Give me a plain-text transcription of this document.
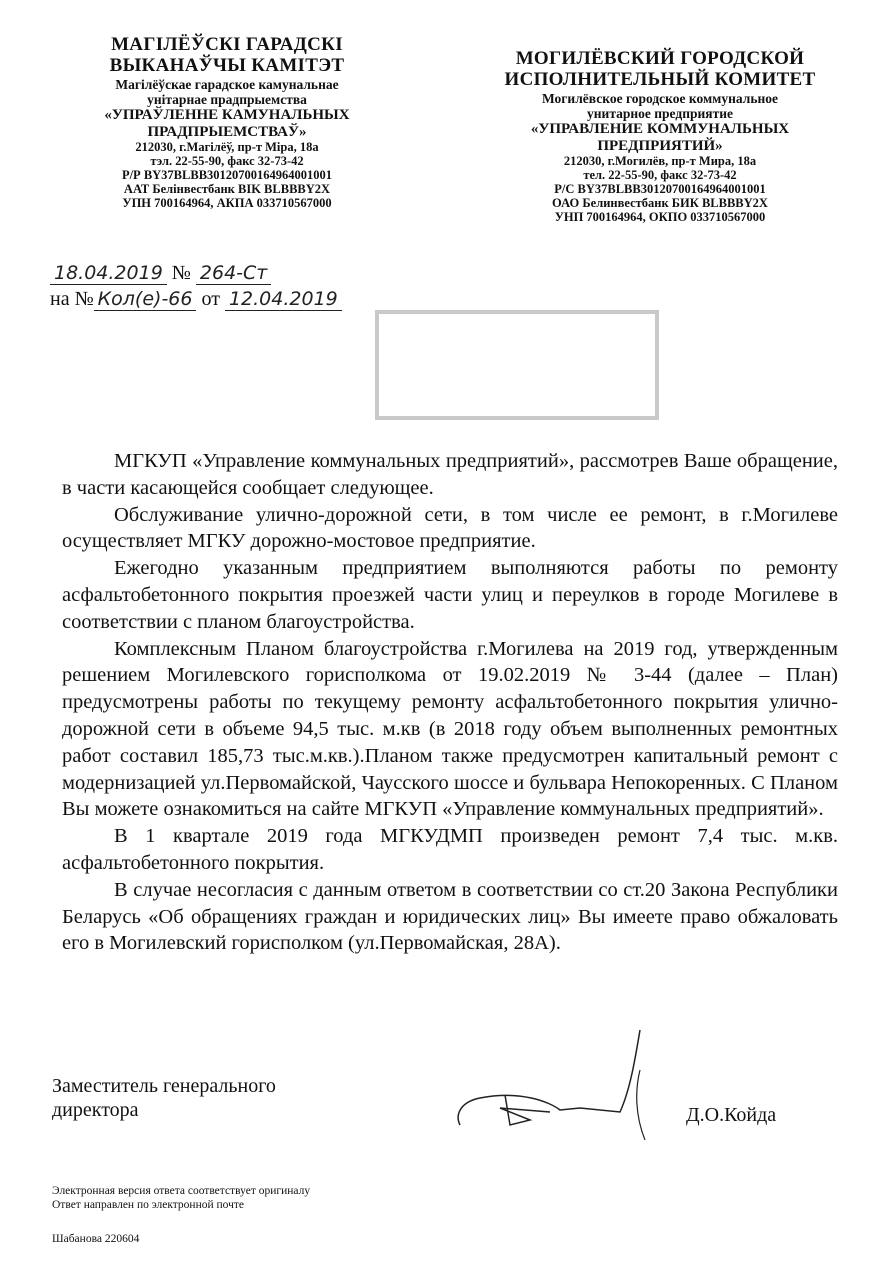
МАГІЛЁЎСКІ ГАРАДСКІ
ВЫКАНАЎЧЫ КАМІТЭТ
Магілёўскае гарадское камунальнае
унітарнае прадпрыемства
«УПРАЎЛЕННЕ КАМУНАЛЬНЫХ
ПРАДПРЫЕМСТВАЎ»
212030, г.Магілёў, пр-т Міра, 18а
тэл. 22-55-90, факс 32-73-42
Р/Р BY37BLBB30120700164964001001
ААТ Белінвестбанк BIK BLBBBY2X
УПН 700164964, АКПА 033710567000
МОГИЛЁВСКИЙ ГОРОДСКОЙ
ИСПОЛНИТЕЛЬНЫЙ КОМИТЕТ
Могилёвское городское коммунальное
унитарное предприятие
«УПРАВЛЕНИЕ КОММУНАЛЬНЫХ
ПРЕДПРИЯТИЙ»
212030, г.Могилёв, пр-т Мира, 18а
тел. 22-55-90, факс 32-73-42
Р/С BY37BLBB30120700164964001001
ОАО Белинвестбанк БИК BLBBBY2X
УНП 700164964, ОКПО 033710567000
18.04.2019 № 264-Ст
на № Кол(е)-66 от 12.04.2019

МГКУП «Управление коммунальных предприятий», рассмотрев Ваше обращение, в части касающейся сообщает следующее.

Обслуживание улично-дорожной сети, в том числе ее ремонт, в г.Могилеве осуществляет МГКУ дорожно-мостовое предприятие.

Ежегодно указанным предприятием выполняются работы по ремонту асфальтобетонного покрытия проезжей части улиц и переулков в городе Могилеве в соответствии с планом благоустройства.

Комплексным Планом благоустройства г.Могилева на 2019 год, утвержденным решением Могилевского горисполкома от 19.02.2019 № 3-44 (далее – План) предусмотрены работы по текущему ремонту асфальтобетонного покрытия улично-дорожной сети в объеме 94,5 тыс. м.кв (в 2018 году объем выполненных ремонтных работ составил 185,73 тыс.м.кв.).Планом также предусмотрен капитальный ремонт с модернизацией ул.Первомайской, Чаусского шоссе и бульвара Непокоренных. С Планом Вы можете ознакомиться на сайте МГКУП «Управление коммунальных предприятий».

В 1 квартале 2019 года МГКУДМП произведен ремонт 7,4 тыс. м.кв. асфальтобетонного покрытия.

В случае несогласия с данным ответом в соответствии со ст.20 Закона Республики Беларусь «Об обращениях граждан и юридических лиц» Вы имеете право обжаловать его в Могилевский горисполком (ул.Первомайская, 28А).

Заместитель генерального
директора	Д.О.Койда
Электронная версия ответа соответствует оригиналу
Ответ направлен по электронной почте
Шабанова 220604
